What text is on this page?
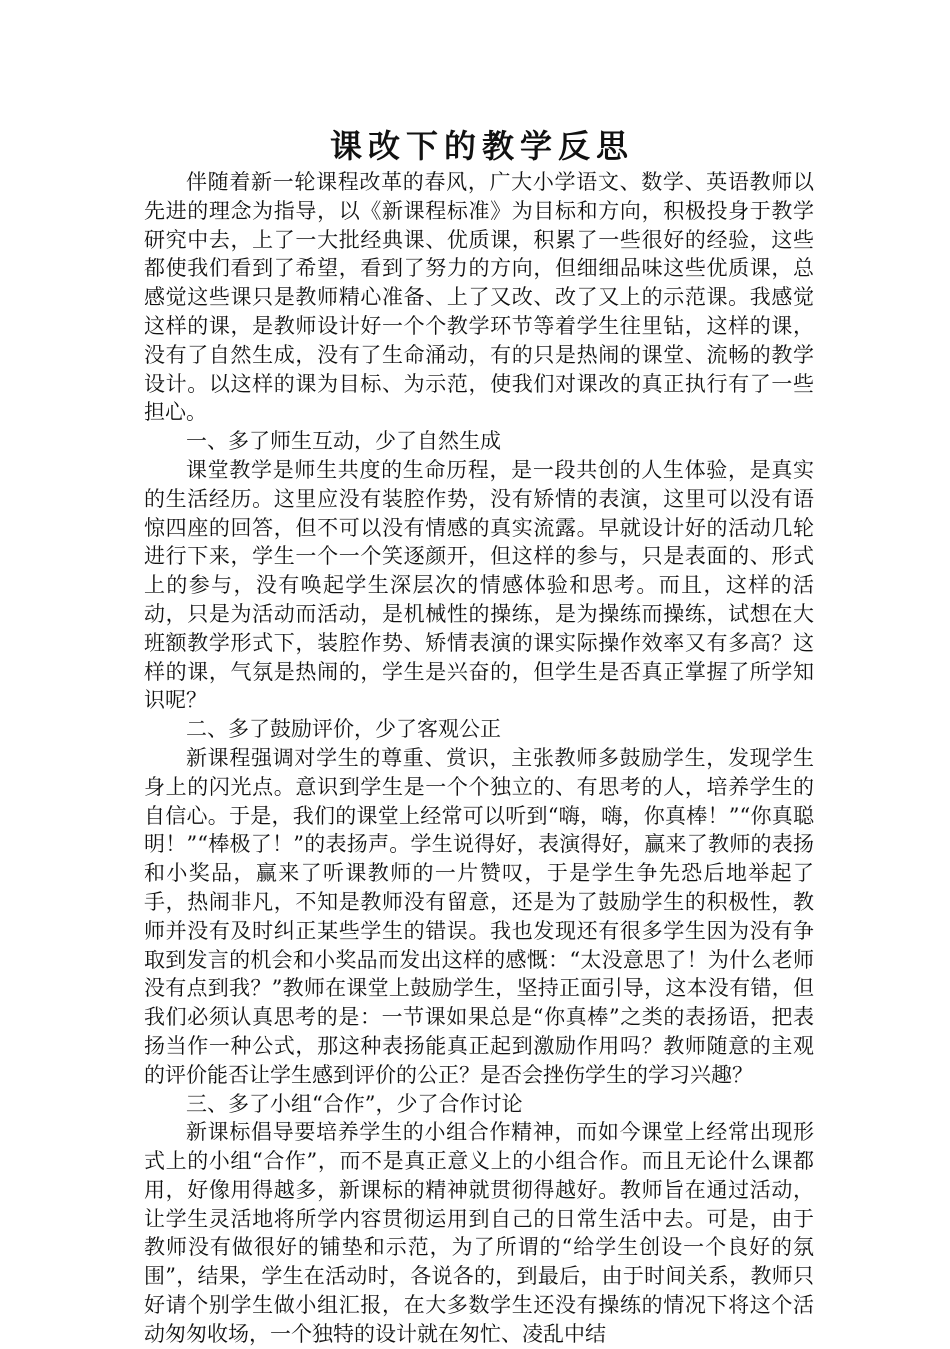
课改下的教学反思

伴随着新一轮课程改革的春风，广大小学语文、数学、英语教师以先进的理念为指导，以《新课程标准》为目标和方向，积极投身于教学研究中去，上了一大批经典课、优质课，积累了一些很好的经验，这些都使我们看到了希望，看到了努力的方向，但细细品味这些优质课，总感觉这些课只是教师精心准备、上了又改、改了又上的示范课。我感觉这样的课，是教师设计好一个个教学环节等着学生往里钻，这样的课，没有了自然生成，没有了生命涌动，有的只是热闹的课堂、流畅的教学设计。以这样的课为目标、为示范，使我们对课改的真正执行有了一些担心。

一、多了师生互动，少了自然生成

课堂教学是师生共度的生命历程，是一段共创的人生体验，是真实的生活经历。这里应没有装腔作势，没有矫情的表演，这里可以没有语惊四座的回答，但不可以没有情感的真实流露。早就设计好的活动几轮进行下来，学生一个一个笑逐颜开，但这样的参与，只是表面的、形式上的参与，没有唤起学生深层次的情感体验和思考。而且，这样的活动，只是为活动而活动，是机械性的操练，是为操练而操练，试想在大班额教学形式下，装腔作势、矫情表演的课实际操作效率又有多高？这样的课，气氛是热闹的，学生是兴奋的，但学生是否真正掌握了所学知识呢？

二、多了鼓励评价，少了客观公正

新课程强调对学生的尊重、赏识，主张教师多鼓励学生，发现学生身上的闪光点。意识到学生是一个个独立的、有思考的人，培养学生的自信心。于是，我们的课堂上经常可以听到“嗨，嗨，你真棒！”“你真聪明！”“棒极了！”的表扬声。学生说得好，表演得好，赢来了教师的表扬和小奖品，赢来了听课教师的一片赞叹，于是学生争先恐后地举起了手，热闹非凡，不知是教师没有留意，还是为了鼓励学生的积极性，教师并没有及时纠正某些学生的错误。我也发现还有很多学生因为没有争取到发言的机会和小奖品而发出这样的感慨：“太没意思了！为什么老师没有点到我？”教师在课堂上鼓励学生，坚持正面引导，这本没有错，但我们必须认真思考的是：一节课如果总是“你真棒”之类的表扬语，把表扬当作一种公式，那这种表扬能真正起到激励作用吗？教师随意的主观的评价能否让学生感到评价的公正？是否会挫伤学生的学习兴趣？

三、多了小组“合作”，少了合作讨论

新课标倡导要培养学生的小组合作精神，而如今课堂上经常出现形式上的小组“合作”，而不是真正意义上的小组合作。而且无论什么课都用，好像用得越多，新课标的精神就贯彻得越好。教师旨在通过活动，让学生灵活地将所学内容贯彻运用到自己的日常生活中去。可是，由于教师没有做很好的铺垫和示范，为了所谓的“给学生创设一个良好的氛围”，结果，学生在活动时，各说各的，到最后，由于时间关系，教师只好请个别学生做小组汇报，在大多数学生还没有操练的情况下将这个活动匆匆收场，一个独特的设计就在匆忙、凌乱中结
